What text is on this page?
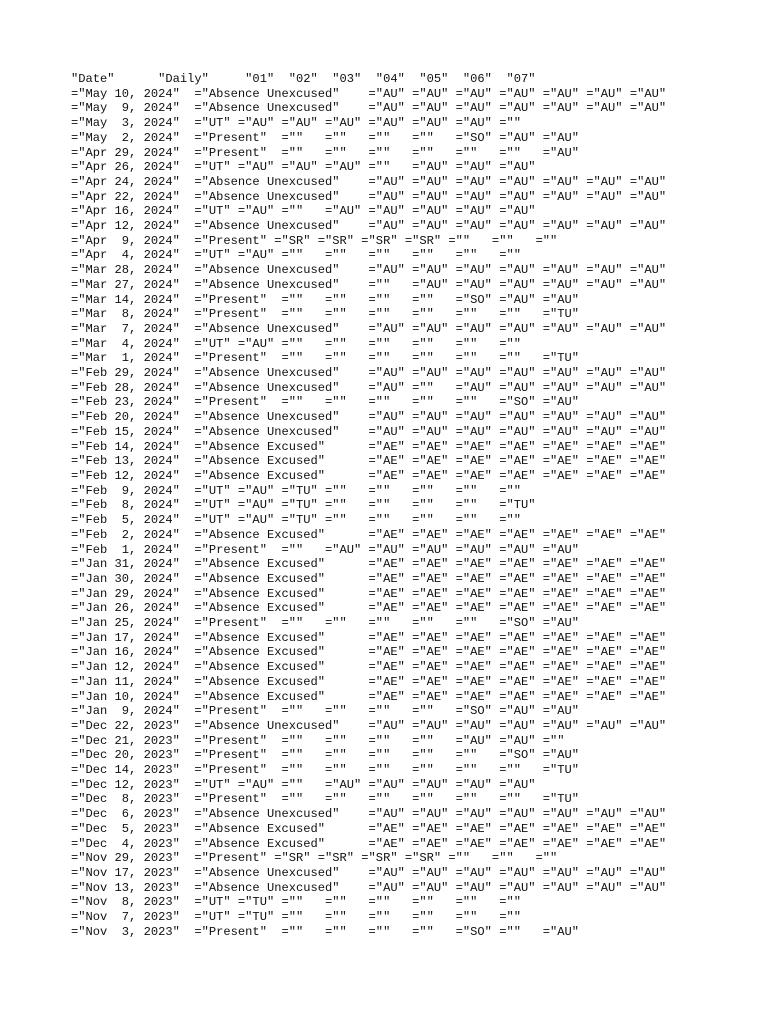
"Date"      "Daily"     "01"  "02"  "03"  "04"  "05"  "06"  "07"
="May 10, 2024"  ="Absence Unexcused"    ="AU" ="AU" ="AU" ="AU" ="AU" ="AU" ="AU"
="May  9, 2024"  ="Absence Unexcused"    ="AU" ="AU" ="AU" ="AU" ="AU" ="AU" ="AU"
="May  3, 2024"  ="UT" ="AU" ="AU" ="AU" ="AU" ="AU" ="AU" =""
="May  2, 2024"  ="Present"  =""   =""   =""   =""   ="SO" ="AU" ="AU"
="Apr 29, 2024"  ="Present"  =""   =""   =""   =""   =""   =""   ="AU"
="Apr 26, 2024"  ="UT" ="AU" ="AU" ="AU" =""   ="AU" ="AU" ="AU"
="Apr 24, 2024"  ="Absence Unexcused"    ="AU" ="AU" ="AU" ="AU" ="AU" ="AU" ="AU"
="Apr 22, 2024"  ="Absence Unexcused"    ="AU" ="AU" ="AU" ="AU" ="AU" ="AU" ="AU"
="Apr 16, 2024"  ="UT" ="AU" =""   ="AU" ="AU" ="AU" ="AU" ="AU"
="Apr 12, 2024"  ="Absence Unexcused"    ="AU" ="AU" ="AU" ="AU" ="AU" ="AU" ="AU"
="Apr  9, 2024"  ="Present" ="SR" ="SR" ="SR" ="SR" =""   =""   =""
="Apr  4, 2024"  ="UT" ="AU" =""   =""   =""   =""   =""   =""
="Mar 28, 2024"  ="Absence Unexcused"    ="AU" ="AU" ="AU" ="AU" ="AU" ="AU" ="AU"
="Mar 27, 2024"  ="Absence Unexcused"    =""   ="AU" ="AU" ="AU" ="AU" ="AU" ="AU"
="Mar 14, 2024"  ="Present"  =""   =""   =""   =""   ="SO" ="AU" ="AU"
="Mar  8, 2024"  ="Present"  =""   =""   =""   =""   =""   =""   ="TU"
="Mar  7, 2024"  ="Absence Unexcused"    ="AU" ="AU" ="AU" ="AU" ="AU" ="AU" ="AU"
="Mar  4, 2024"  ="UT" ="AU" =""   =""   =""   =""   =""   =""
="Mar  1, 2024"  ="Present"  =""   =""   =""   =""   =""   =""   ="TU"
="Feb 29, 2024"  ="Absence Unexcused"    ="AU" ="AU" ="AU" ="AU" ="AU" ="AU" ="AU"
="Feb 28, 2024"  ="Absence Unexcused"    ="AU" =""   ="AU" ="AU" ="AU" ="AU" ="AU"
="Feb 23, 2024"  ="Present"  =""   =""   =""   =""   =""   ="SO" ="AU"
="Feb 20, 2024"  ="Absence Unexcused"    ="AU" ="AU" ="AU" ="AU" ="AU" ="AU" ="AU"
="Feb 15, 2024"  ="Absence Unexcused"    ="AU" ="AU" ="AU" ="AU" ="AU" ="AU" ="AU"
="Feb 14, 2024"  ="Absence Excused"      ="AE" ="AE" ="AE" ="AE" ="AE" ="AE" ="AE"
="Feb 13, 2024"  ="Absence Excused"      ="AE" ="AE" ="AE" ="AE" ="AE" ="AE" ="AE"
="Feb 12, 2024"  ="Absence Excused"      ="AE" ="AE" ="AE" ="AE" ="AE" ="AE" ="AE"
="Feb  9, 2024"  ="UT" ="AU" ="TU" =""   =""   =""   =""   =""
="Feb  8, 2024"  ="UT" ="AU" ="TU" =""   =""   =""   =""   ="TU"
="Feb  5, 2024"  ="UT" ="AU" ="TU" =""   =""   =""   =""   =""
="Feb  2, 2024"  ="Absence Excused"      ="AE" ="AE" ="AE" ="AE" ="AE" ="AE" ="AE"
="Feb  1, 2024"  ="Present"  =""   ="AU" ="AU" ="AU" ="AU" ="AU" ="AU"
="Jan 31, 2024"  ="Absence Excused"      ="AE" ="AE" ="AE" ="AE" ="AE" ="AE" ="AE"
="Jan 30, 2024"  ="Absence Excused"      ="AE" ="AE" ="AE" ="AE" ="AE" ="AE" ="AE"
="Jan 29, 2024"  ="Absence Excused"      ="AE" ="AE" ="AE" ="AE" ="AE" ="AE" ="AE"
="Jan 26, 2024"  ="Absence Excused"      ="AE" ="AE" ="AE" ="AE" ="AE" ="AE" ="AE"
="Jan 25, 2024"  ="Present"  =""   =""   =""   =""   =""   ="SO" ="AU"
="Jan 17, 2024"  ="Absence Excused"      ="AE" ="AE" ="AE" ="AE" ="AE" ="AE" ="AE"
="Jan 16, 2024"  ="Absence Excused"      ="AE" ="AE" ="AE" ="AE" ="AE" ="AE" ="AE"
="Jan 12, 2024"  ="Absence Excused"      ="AE" ="AE" ="AE" ="AE" ="AE" ="AE" ="AE"
="Jan 11, 2024"  ="Absence Excused"      ="AE" ="AE" ="AE" ="AE" ="AE" ="AE" ="AE"
="Jan 10, 2024"  ="Absence Excused"      ="AE" ="AE" ="AE" ="AE" ="AE" ="AE" ="AE"
="Jan  9, 2024"  ="Present"  =""   =""   =""   =""   ="SO" ="AU" ="AU"
="Dec 22, 2023"  ="Absence Unexcused"    ="AU" ="AU" ="AU" ="AU" ="AU" ="AU" ="AU"
="Dec 21, 2023"  ="Present"  =""   =""   =""   =""   ="AU" ="AU" =""
="Dec 20, 2023"  ="Present"  =""   =""   =""   =""   =""   ="SO" ="AU"
="Dec 14, 2023"  ="Present"  =""   =""   =""   =""   =""   =""   ="TU"
="Dec 12, 2023"  ="UT" ="AU" =""   ="AU" ="AU" ="AU" ="AU" ="AU"
="Dec  8, 2023"  ="Present"  =""   =""   =""   =""   =""   =""   ="TU"
="Dec  6, 2023"  ="Absence Unexcused"    ="AU" ="AU" ="AU" ="AU" ="AU" ="AU" ="AU"
="Dec  5, 2023"  ="Absence Excused"      ="AE" ="AE" ="AE" ="AE" ="AE" ="AE" ="AE"
="Dec  4, 2023"  ="Absence Excused"      ="AE" ="AE" ="AE" ="AE" ="AE" ="AE" ="AE"
="Nov 29, 2023"  ="Present" ="SR" ="SR" ="SR" ="SR" =""   =""   =""
="Nov 17, 2023"  ="Absence Unexcused"    ="AU" ="AU" ="AU" ="AU" ="AU" ="AU" ="AU"
="Nov 13, 2023"  ="Absence Unexcused"    ="AU" ="AU" ="AU" ="AU" ="AU" ="AU" ="AU"
="Nov  8, 2023"  ="UT" ="TU" =""   =""   =""   =""   =""   =""
="Nov  7, 2023"  ="UT" ="TU" =""   =""   =""   =""   =""   =""
="Nov  3, 2023"  ="Present"  =""   =""   =""   =""   ="SO" =""   ="AU"
